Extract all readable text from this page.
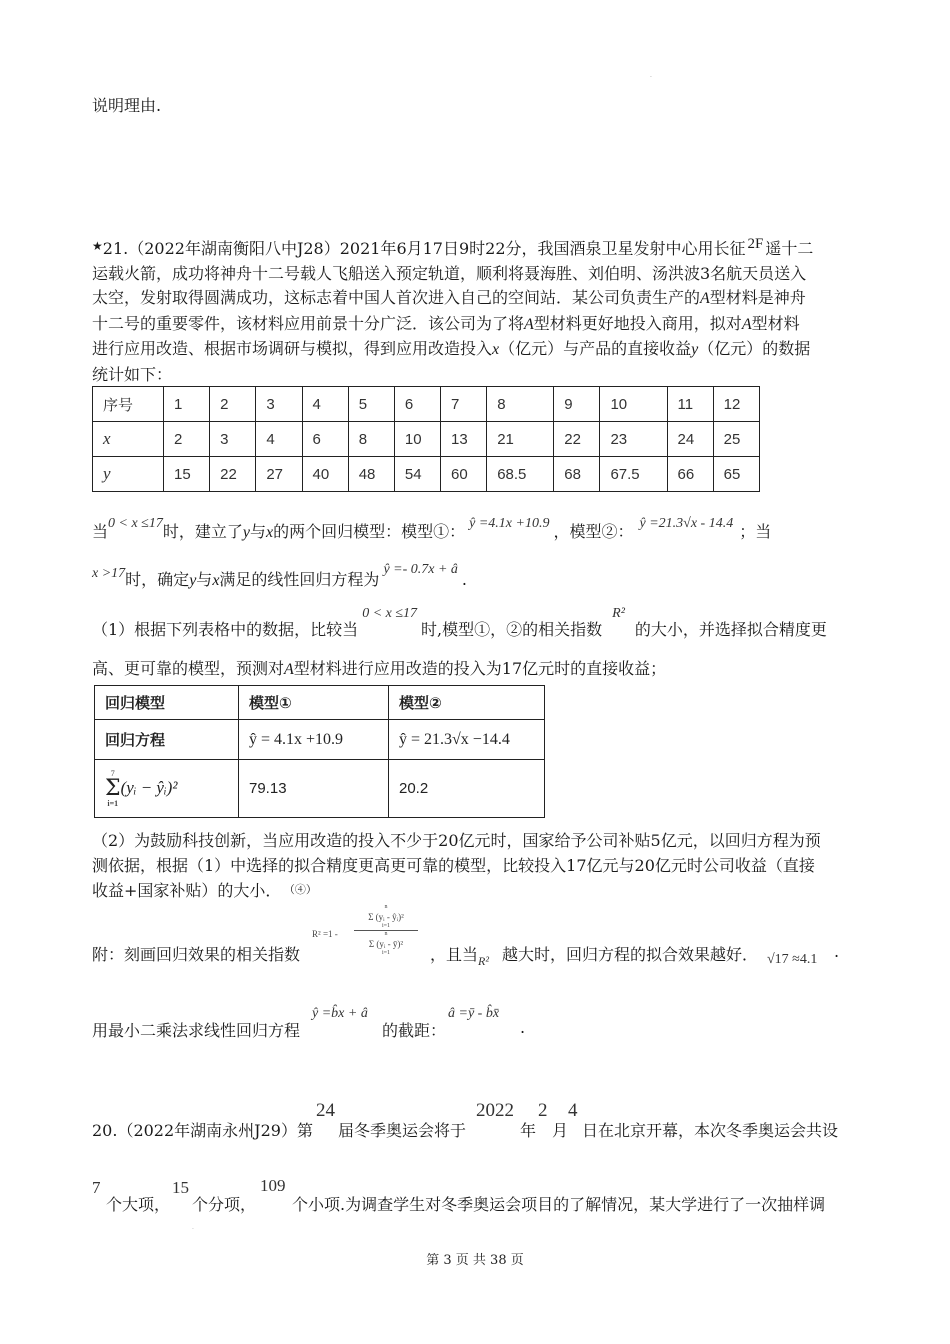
说明理由.
.
★21.（2022年湖南衡阳八中J28）2021年6月17日9时22分，我国酒泉卫星发射中心用长征 2F 遥十二
运载火箭，成功将神舟十二号载人飞船送入预定轨道，顺利将聂海胜、刘伯明、汤洪波3名航天员送入
太空，发射取得圆满成功，这标志着中国人首次进入自己的空间站．某公司负责生产的A型材料是神舟
十二号的重要零件，该材料应用前景十分广泛．该公司为了将A型材料更好地投入商用，拟对A型材料
进行应用改造、根据市场调研与模拟，得到应用改造投入x（亿元）与产品的直接收益y（亿元）的数据
统计如下：
序号	1	2	3	4	5	6	7	8	9	10	11	12
x	2	3	4	6	8	10	13	21	22	23	24	25
y	15	22	27	40	48	54	60	68.5	68	67.5	66	65
当0 < x ≤17时，建立了y与x的两个回归模型：模型①： ŷ =4.1x +10.9 ，模型②： ŷ =21.3√x - 14.4 ；当
x >17时，确定y与x满足的线性回归方程为ŷ =- 0.7x + â.
（1）根据下列表格中的数据，比较当0 < x ≤17时,模型①，②的相关指数R²的大小，并选择拟合精度更
高、更可靠的模型，预测对A型材料进行应用改造的投入为17亿元时的直接收益；
回归模型	模型①	模型②
回归方程	ŷ = 4.1x +10.9	ŷ = 21.3√x −14.4

7
Σ
i=1
(yᵢ − ŷᵢ)²	79.13	20.2
（2）为鼓励科技创新，当应用改造的投入不少于20亿元时，国家给予公司补贴5亿元，以回归方程为预
测依据，根据（1）中选择的拟合精度更高更可靠的模型，比较投入17亿元与20亿元时公司收益（直接
收益+国家补贴）的大小． （④）
附：刻画回归效果的相关指数
R² =1 -
n
Σ (yᵢ - ŷᵢ)²
i=1
n
Σ (yᵢ - ȳ)²
i=1 ，且当 R² 越大时，回归方程的拟合效果越好． √17 ≈4.1 .
用最小二乘法求线性回归方程
ŷ =b̂x + â
的截距：
â =ȳ - b̂x̄
.
20.（2022年湖南永州J29）第
24
届冬季奥运会将于
2022
年
2
月
4
日在北京开幕，本次冬季奥运会共设
7
个大项，
15
个分项，
109
个小项.为调查学生对冬季奥运会项目的了解情况，某大学进行了一次抽样调
.
第 3 页 共 38 页
